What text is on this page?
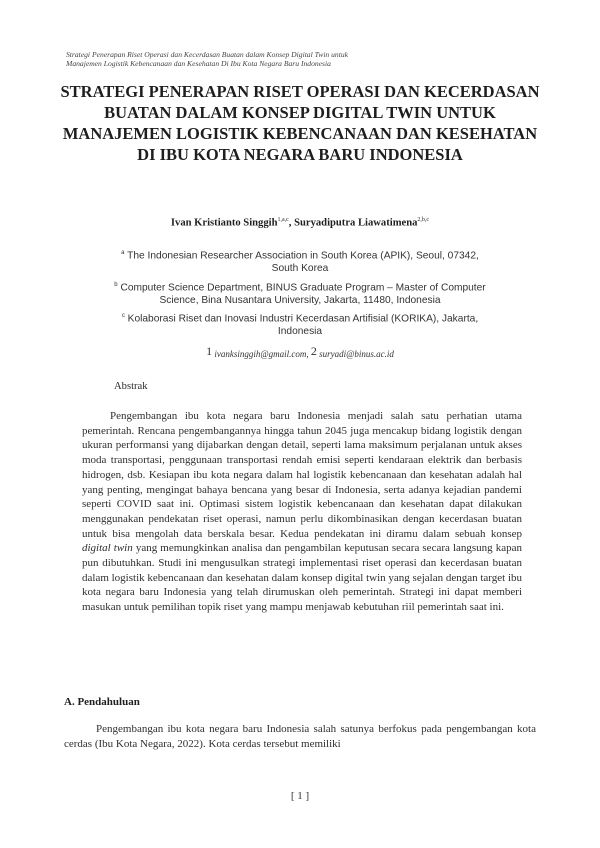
Strategi Penerapan Riset Operasi dan Kecerdasan Buatan dalam Konsep Digital Twin untuk
Manajemen Logistik Kebencanaan dan Kesehatan Di Ibu Kota Negara Baru Indonesia
STRATEGI PENERAPAN RISET OPERASI DAN KECERDASAN
BUATAN DALAM KONSEP DIGITAL TWIN UNTUK
MANAJEMEN LOGISTIK KEBENCANAAN DAN KESEHATAN
DI IBU KOTA NEGARA BARU INDONESIA
Ivan Kristianto Singgih$^{1,a,c}$, Suryadiputra Liawatimena$^{2,b,c}$
$^a$ The Indonesian Researcher Association in South Korea (APIK), Seoul, 07342,
South Korea
$^b$ Computer Science Department, BINUS Graduate Program – Master of Computer
Science, Bina Nusantara University, Jakarta, 11480, Indonesia
$^c$ Kolaborasi Riset dan Inovasi Industri Kecerdasan Artifisial (KORIKA), Jakarta,
Indonesia
1 ivanksinggih@gmail.com, 2 suryadi@binus.ac.id
Abstrak

Pengembangan ibu kota negara baru Indonesia menjadi salah satu perhatian utama pemerintah. Rencana pengembangannya hingga tahun 2045 juga mencakup bidang logistik dengan ukuran performansi yang dijabarkan dengan detail, seperti lama maksimum perjalanan untuk akses moda transportasi, penggunaan transportasi rendah emisi seperti kendaraan elektrik dan berbasis hidrogen, dsb. Kesiapan ibu kota negara dalam hal logistik kebencanaan dan kesehatan adalah hal yang penting, mengingat bahaya bencana yang besar di Indonesia, serta adanya kejadian pandemi seperti COVID saat ini. Optimasi sistem logistik kebencanaan dan kesehatan dapat dilakukan menggunakan pendekatan riset operasi, namun perlu dikombinasikan dengan kecerdasan buatan untuk bisa mengolah data berskala besar. Kedua pendekatan ini diramu dalam sebuah konsep digital twin yang memungkinkan analisa dan pengambilan keputusan secara secara langsung kapan pun dibutuhkan. Studi ini mengusulkan strategi implementasi riset operasi dan kecerdasan buatan dalam logistik kebencanaan dan kesehatan dalam konsep digital twin yang sejalan dengan target ibu kota negara baru Indonesia yang telah dirumuskan oleh pemerintah. Strategi ini dapat memberi masukan untuk pemilihan topik riset yang mampu menjawab kebutuhan riil pemerintah saat ini.

A. Pendahuluan

Pengembangan ibu kota negara baru Indonesia salah satunya berfokus pada pengembangan kota cerdas (Ibu Kota Negara, 2022). Kota cerdas tersebut memiliki

[ 1 ]
